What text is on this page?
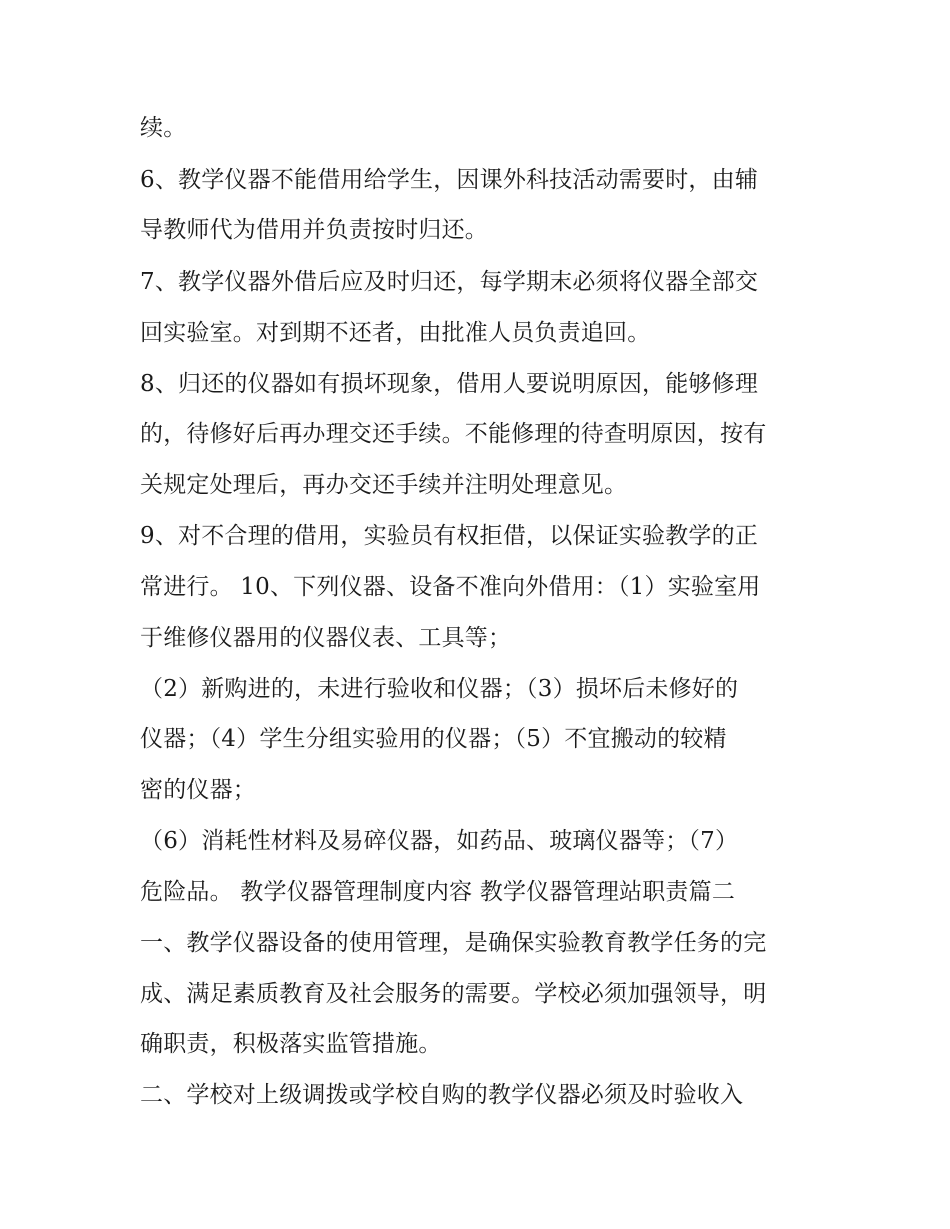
续。
6、教学仪器不能借用给学生，因课外科技活动需要时，由辅
导教师代为借用并负责按时归还。
7、教学仪器外借后应及时归还，每学期末必须将仪器全部交
回实验室。对到期不还者，由批准人员负责追回。
8、归还的仪器如有损坏现象，借用人要说明原因，能够修理
的，待修好后再办理交还手续。不能修理的待查明原因，按有
关规定处理后，再办交还手续并注明处理意见。
9、对不合理的借用，实验员有权拒借，以保证实验教学的正
常进行。 10、下列仪器、设备不准向外借用：（1）实验室用
于维修仪器用的仪器仪表、工具等；
（2）新购进的，未进行验收和仪器；（3）损坏后未修好的
仪器；（4）学生分组实验用的仪器；（5）不宜搬动的较精
密的仪器；
（6）消耗性材料及易碎仪器，如药品、玻璃仪器等；（7）
危险品。 教学仪器管理制度内容 教学仪器管理站职责篇二
一、教学仪器设备的使用管理，是确保实验教育教学任务的完
成、满足素质教育及社会服务的需要。学校必须加强领导，明
确职责，积极落实监管措施。
二、学校对上级调拨或学校自购的教学仪器必须及时验收入
